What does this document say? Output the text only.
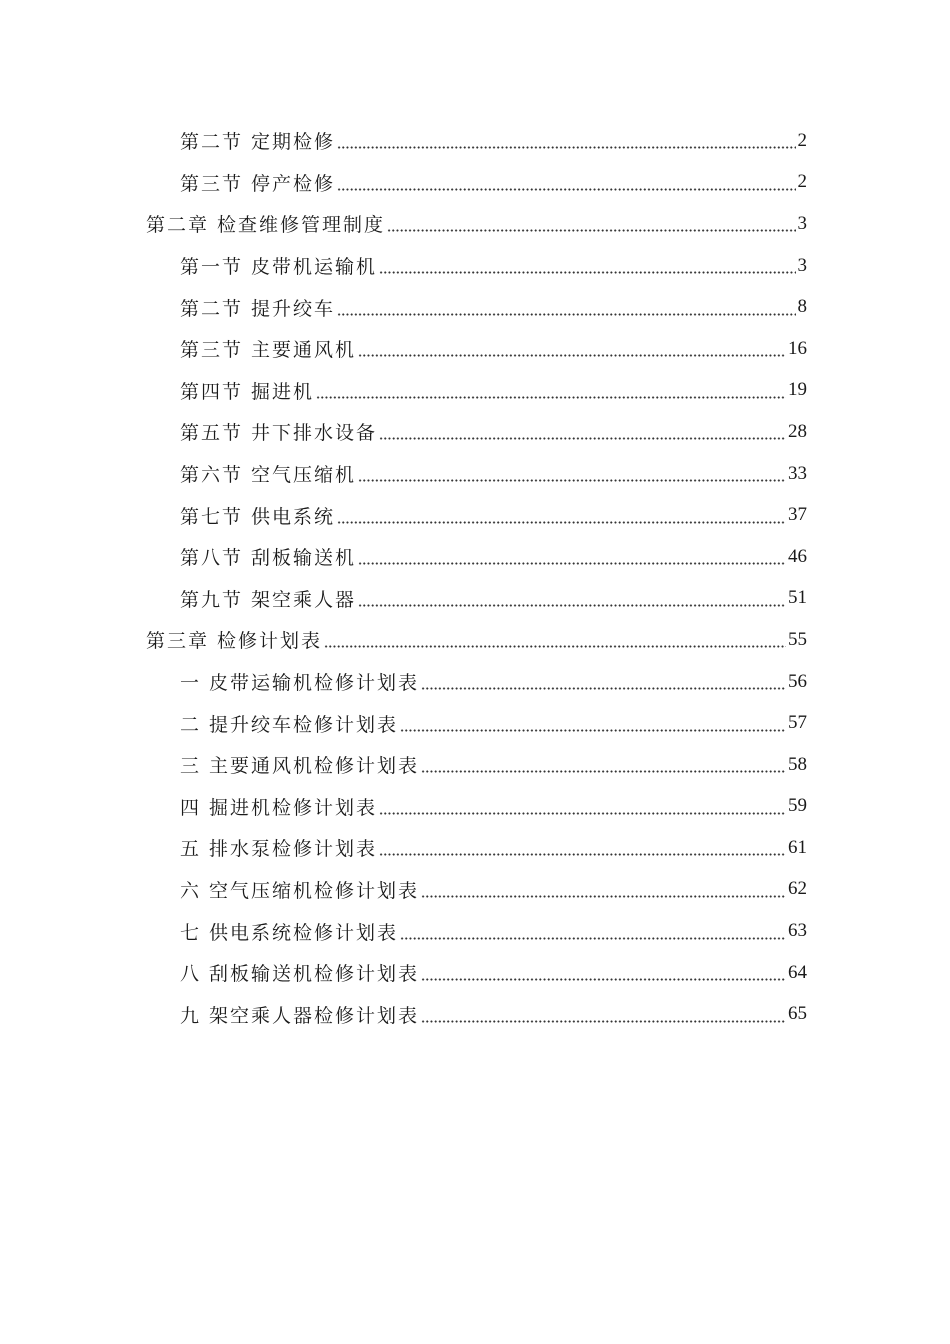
第二节 定期检修	2
第三节 停产检修	2
第二章 检查维修管理制度	3
第一节 皮带机运输机	3
第二节 提升绞车	8
第三节 主要通风机	16
第四节 掘进机	19
第五节 井下排水设备	28
第六节 空气压缩机	33
第七节 供电系统	37
第八节 刮板输送机	46
第九节 架空乘人器	51
第三章 检修计划表	55
一 皮带运输机检修计划表	56
二 提升绞车检修计划表	57
三 主要通风机检修计划表	58
四 掘进机检修计划表	59
五 排水泵检修计划表	61
六 空气压缩机检修计划表	62
七 供电系统检修计划表	63
八 刮板输送机检修计划表	64
九 架空乘人器检修计划表	65
